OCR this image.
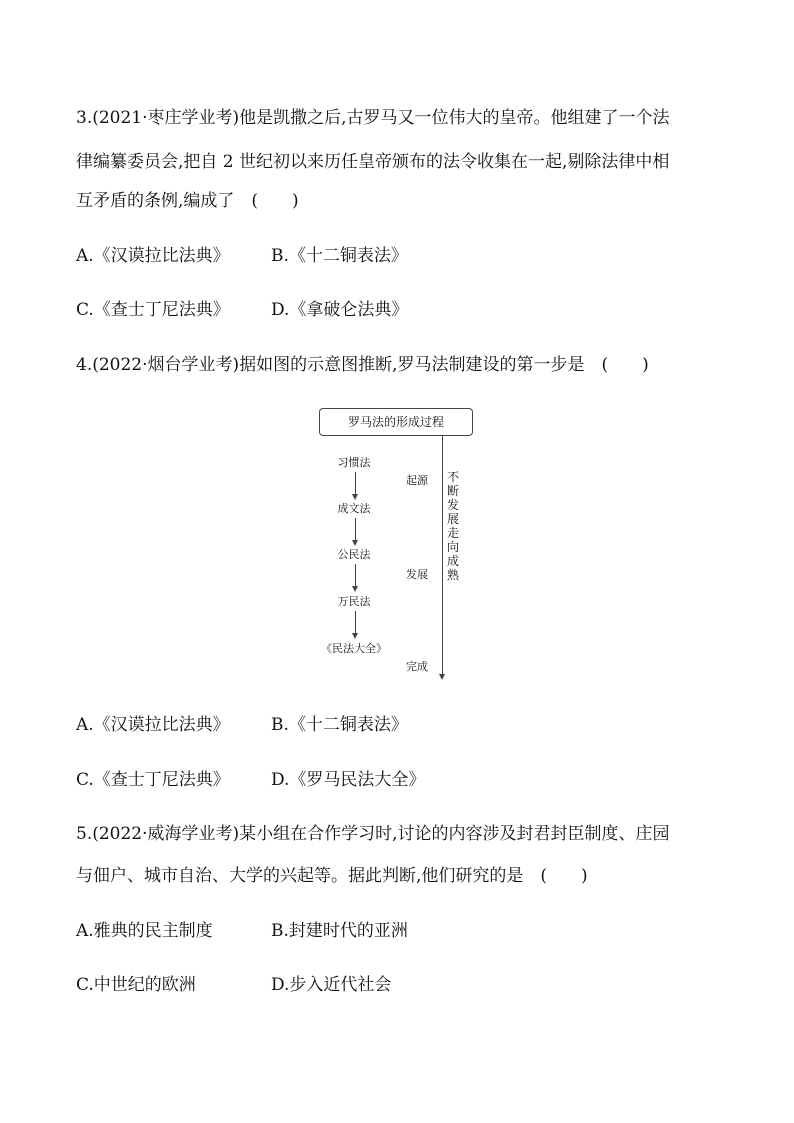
3.(2021·枣庄学业考)他是凯撒之后,古罗马又一位伟大的皇帝。他组建了一个法
律编纂委员会,把自 2 世纪初以来历任皇帝颁布的法令收集在一起,剔除法律中相
互矛盾的条例,编成了　(　　)
A.《汉谟拉比法典》 B.《十二铜表法》
C.《查士丁尼法典》 D.《拿破仑法典》
4.(2022·烟台学业考)据如图的示意图推断,罗马法制建设的第一步是　(　　)
罗马法的形成过程
习惯法
成文法
公民法
万民法
《民法大全》
起源
发展
完成
不断发展走向成熟
A.《汉谟拉比法典》 B.《十二铜表法》
C.《查士丁尼法典》 D.《罗马民法大全》
5.(2022·威海学业考)某小组在合作学习时,讨论的内容涉及封君封臣制度、庄园
与佃户、城市自治、大学的兴起等。据此判断,他们研究的是　(　　)
A.雅典的民主制度	B.封建时代的亚洲
C.中世纪的欧洲	D.步入近代社会
